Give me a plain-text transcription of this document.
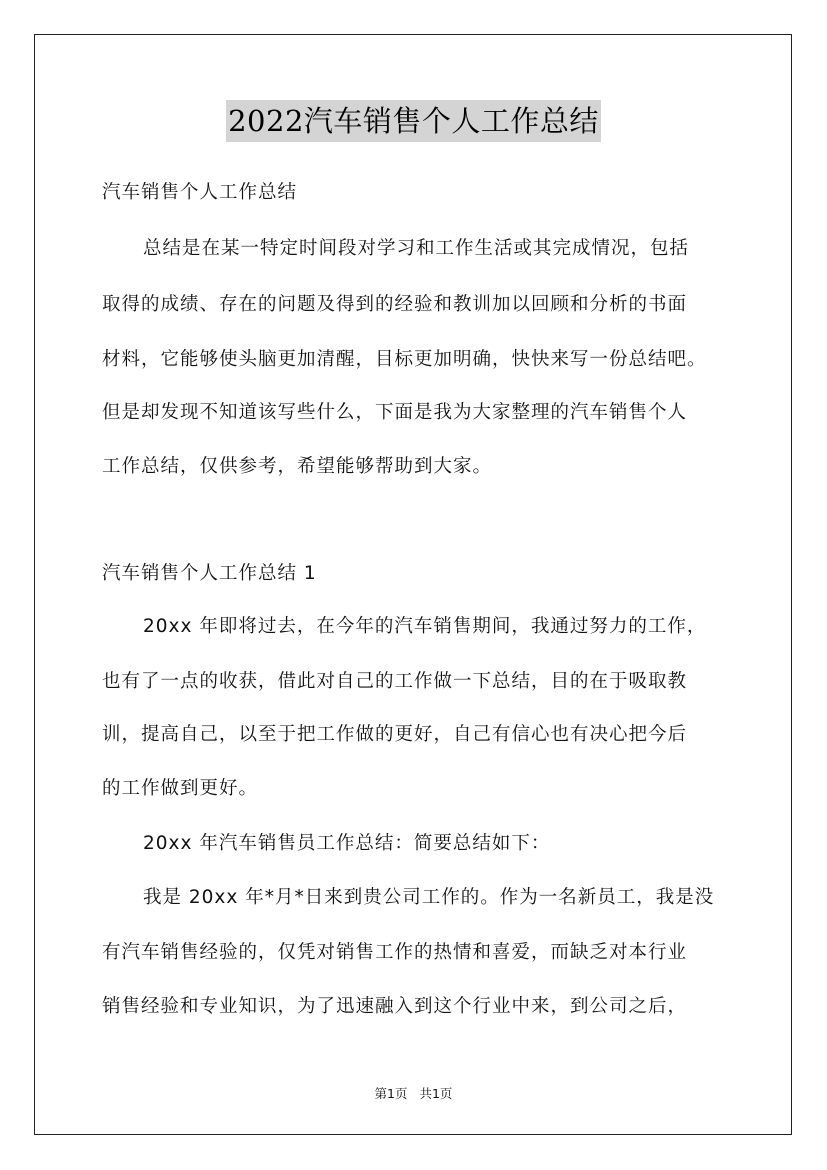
2022汽车销售个人工作总结
汽车销售个人工作总结
总结是在某一特定时间段对学习和工作生活或其完成情况，包括
取得的成绩、存在的问题及得到的经验和教训加以回顾和分析的书面
材料，它能够使头脑更加清醒，目标更加明确，快快来写一份总结吧。
但是却发现不知道该写些什么，下面是我为大家整理的汽车销售个人
工作总结，仅供参考，希望能够帮助到大家。
汽车销售个人工作总结 1
20xx 年即将过去，在今年的汽车销售期间，我通过努力的工作，
也有了一点的收获，借此对自己的工作做一下总结，目的在于吸取教
训，提高自己，以至于把工作做的更好，自己有信心也有决心把今后
的工作做到更好。
20xx 年汽车销售员工作总结：简要总结如下：
我是 20xx 年*月*日来到贵公司工作的。作为一名新员工，我是没
有汽车销售经验的，仅凭对销售工作的热情和喜爱，而缺乏对本行业
销售经验和专业知识，为了迅速融入到这个行业中来，到公司之后，
第1页 共1页
